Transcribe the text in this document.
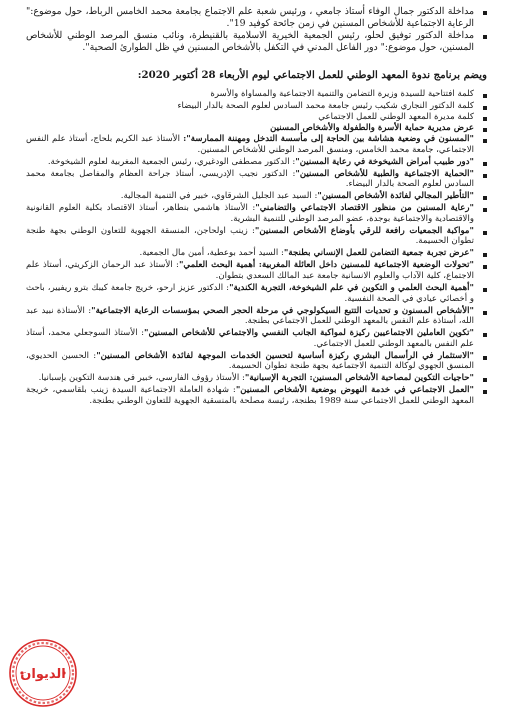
مداخلة الدكتور جمال الوفاء أستاذ جامعي ، ورئيس شعبة علم الاجتماع بجامعة محمد الخامس الرباط، حول موضوع:" الرعاية الاجتماعية للأشخاص المسنين في زمن جائحة كوفيد 19".
مداخلة الدكتور توفيق لحلو، رئيس الجمعية الخيرية الاسلامية بالقنيطرة، ونائب منسق المرصد الوطني للأشخاص المسنين، حول موضوع:" دور الفاعل المدني في التكفل بالأشخاص المسنين في ظل الطوارئ الصحية".
ويضم برنامج ندوة المعهد الوطني للعمل الاجتماعي ليوم الأربعاء 28 أكتوبر 2020:
كلمة افتتاحية للسيدة وزيرة التضامن والتنمية الاجتماعية والمساواة والأسرة
كلمة الدكتور النجاري شكيب رئيس جامعة محمد السادس لعلوم الصحة بالدار البيضاء
كلمة مديرة المعهد الوطني للعمل الاجتماعي
عرض مديرية حماية الأسرة والطفولة والأشخاص المسنين
"المسنون في وضعية هشاشة بين الحاجة إلى مأسسة التدخل ومهننة الممارسة": الأستاذ عبد الكريم بلحاج، أستاذ علم النفس الاجتماعي، جامعة محمد الخامس، ومنسق المرصد الوطني للأشخاص المسنين.
"دور طبيب أمراض الشيخوخة في رعاية المسنين": الدكتور مصطفى الودغيري، رئيس الجمعية المغربية لعلوم الشيخوخة.
"الحماية الاجتماعية والطبية للأشخاص المسنين": الدكتور نجيب الإدريسي، أستاذ جراحة العظام والمفاصل بجامعة محمد السادس لعلوم الصحة بالدار البيضاء.
"التأطير المجالي لفائدة الأشخاص المسنين": السيد عبد الجليل الشرقاوي، خبير في التنمية المجالية.
"رعاية المسنين من منظور الاقتصاد الاجتماعي والتضامني": الأستاذ هاشمي بنطاهر، أستاذ الاقتصاد بكلية العلوم القانونية والاقتصادية والاجتماعية بوجدة، عضو المرصد الوطني للتنمية البشرية.
"مواكبة الجمعيات رافعة للرقي بأوضاع الأشخاص المسنين": زينب اولحاجن، المنسقة الجهوية للتعاون الوطني بجهة طنجة تطوان الحسيمة.
"عرض تجربة جمعية التضامن للعمل الإنساني بطنجة": السيد أحمد بوعطية، أمين مال الجمعية.
"تحولات الوضعية الاجتماعية للمسنين داخل العائلة المغربية: أهمية البحث العلمي": الأستاذ عبد الرحمان الزكريتي، أستاذ علم الاجتماع، كلية الآداب والعلوم الانسانية جامعة عبد المالك السعدي بتطوان.
"أهمية البحث العلمي و التكوين في علم الشيخوخة، التجربة الكندية": الدكتور عزيز ارحو، خريج جامعة كيبك بترو ريفيير، باحث و أخصائي عيادي في الصحة النفسية.
"الأشخاص المسنون و تحديات التتبع السيكولوجي في مرحلة الحجر الصحي بمؤسسات الرعاية الاجتماعية": الأستاذة نبيد عبد الله، أستاذة علم النفس بالمعهد الوطني للعمل الاجتماعي بطنجة.
"تكوين العاملين الاجتماعيين ركيزة لمواكبة الجانب النفسي والاجتماعي للأشخاص المسنين": الأستاذ السوجعلي محمد، أستاذ علم النفس بالمعهد الوطني للعمل الاجتماعي.
"الاستثمار في الرأسمال البشري ركيزة أساسية لتحسين الخدمات الموجهة لفائدة الأشخاص المسنين": الحسين الحديوي، المنسق الجهوي لوكالة التنمية الاجتماعية بجهة طنجة تطوان الحسيمة.
"حاجيات التكوين لمصاحبة الأشخاص المسنين: التجربة الإسبانية": الأستاذ رؤوف الفارسي، خبير في هندسة التكوين بإسبانيا.
"العمل الاجتماعي في خدمة النهوض بوضعية الأشخاص المسنين": شهادة العاملة الاجتماعية السيدة زينب بلقاسمي، خريجة المعهد الوطني للعمل الاجتماعي سنة 1989 بطنجة، رئيسة مصلحة بالمنسقية الجهوية للتعاون الوطني بطنجة.
الديوان
